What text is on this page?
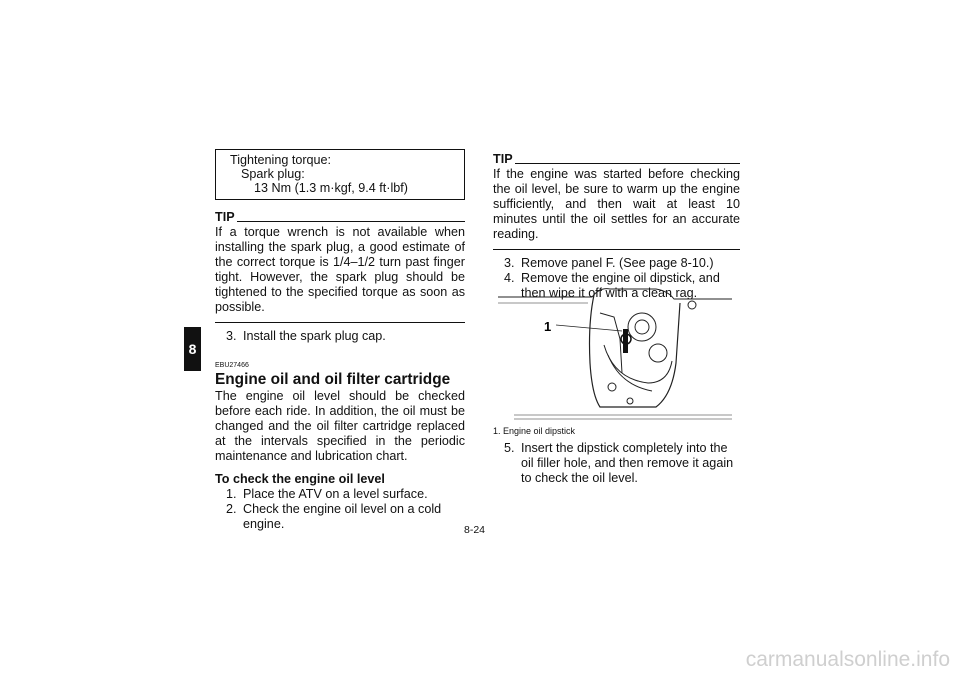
8
Tightening torque:
Spark plug:
13 Nm (1.3 m·kgf, 9.4 ft·lbf)
TIP

If a torque wrench is not available when installing the spark plug, a good estimate of the correct torque is 1/4–1/2 turn past finger tight. However, the spark plug should be tightened to the specified torque as soon as possible.

3. Install the spark plug cap.
EBU27466
Engine oil and oil filter cartridge

The engine oil level should be checked before each ride. In addition, the oil must be changed and the oil filter cartridge replaced at the intervals specified in the periodic maintenance and lubrication chart.

To check the engine oil level

1. Place the ATV on a level surface.
2. Check the engine oil level on a cold engine.
TIP

If the engine was started before checking the oil level, be sure to warm up the engine sufficiently, and then wait at least 10 minutes until the oil settles for an accurate reading.

3. Remove panel F. (See page 8-10.)
4. Remove the engine oil dipstick, and then wipe it off with a clean rag.
1
1. Engine oil dipstick
5. Insert the dipstick completely into the oil filler hole, and then remove it again to check the oil level.
8-24
carmanualsonline.info
